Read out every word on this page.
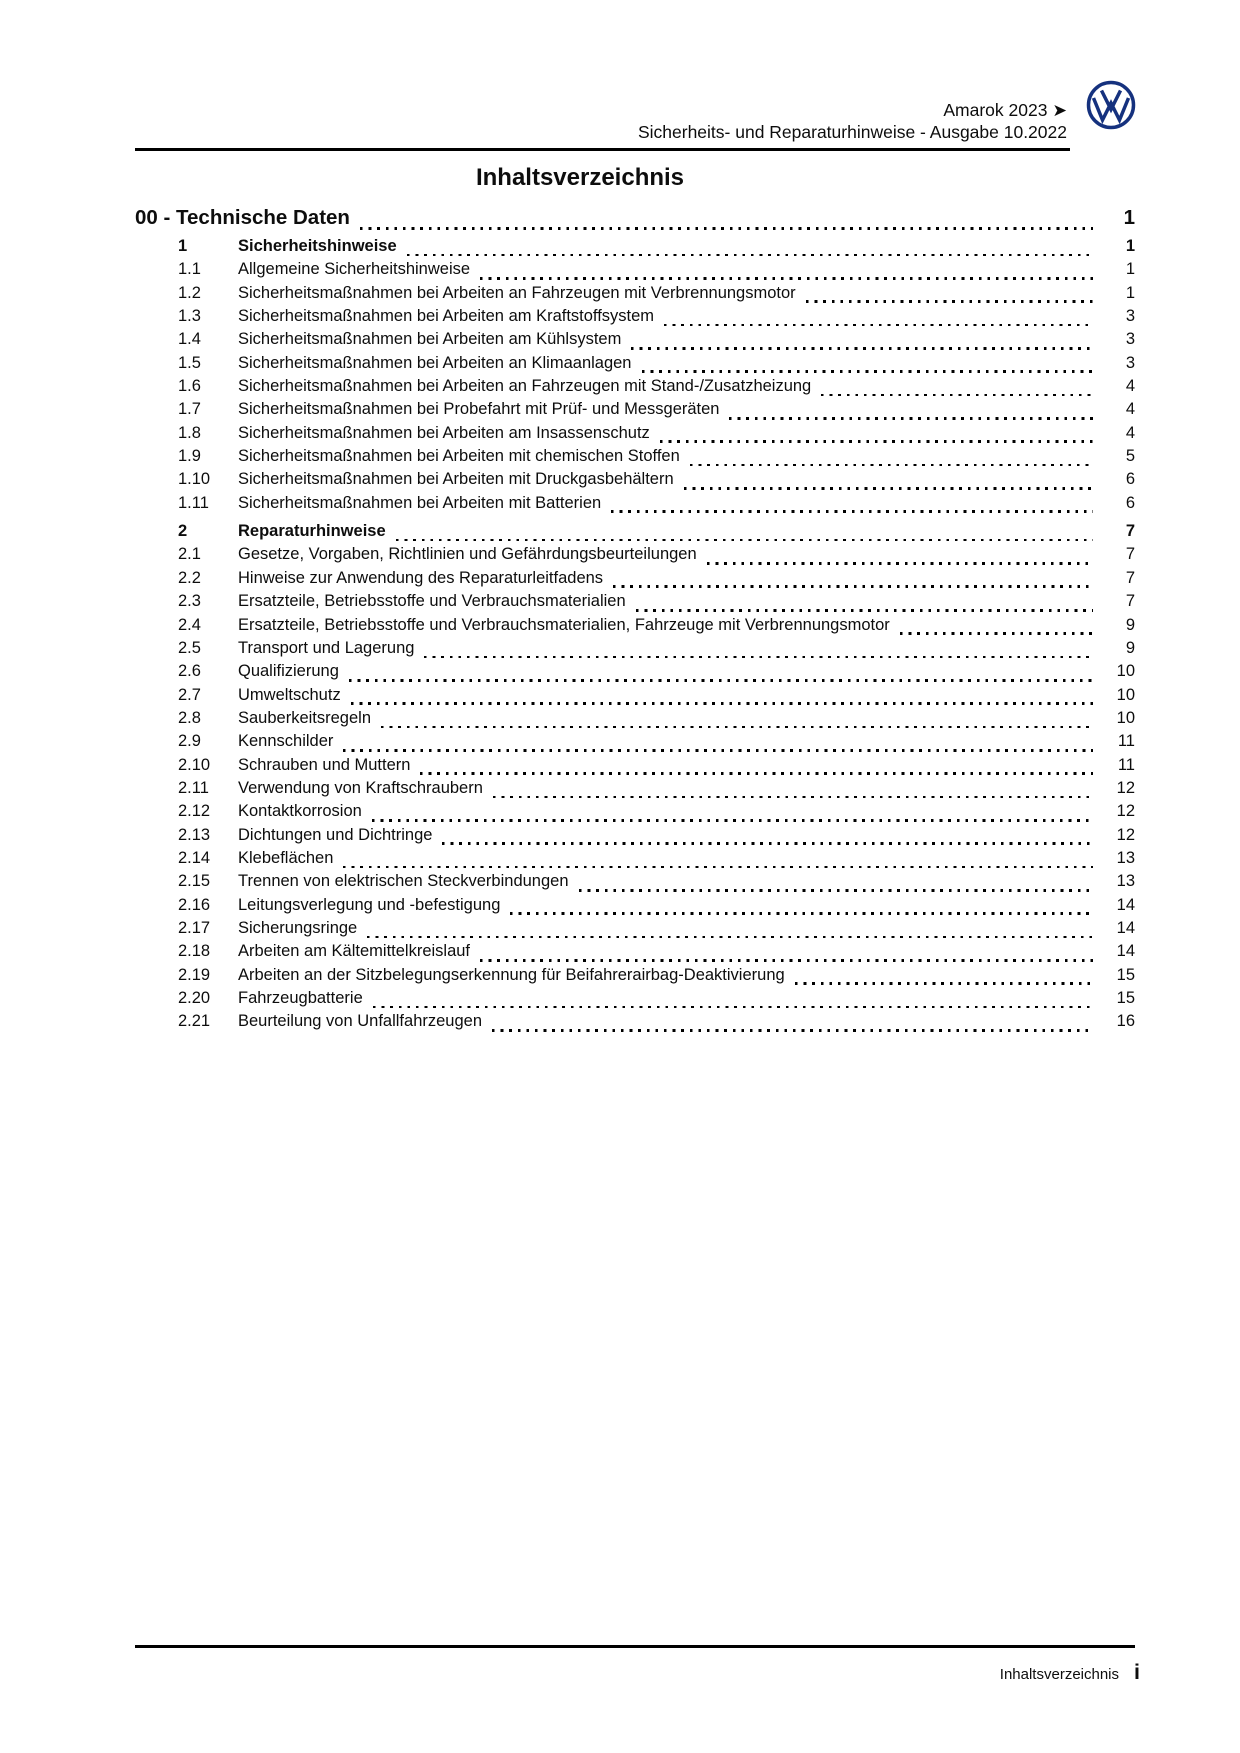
Amarok 2023 ➤
Sicherheits- und Reparaturhinweise - Ausgabe 10.2022
Inhaltsverzeichnis
00 - Technische Daten	1
1	Sicherheitshinweise	1
1.1	Allgemeine Sicherheitshinweise	1
1.2	Sicherheitsmaßnahmen bei Arbeiten an Fahrzeugen mit Verbrennungsmotor	1
1.3	Sicherheitsmaßnahmen bei Arbeiten am Kraftstoffsystem	3
1.4	Sicherheitsmaßnahmen bei Arbeiten am Kühlsystem	3
1.5	Sicherheitsmaßnahmen bei Arbeiten an Klimaanlagen	3
1.6	Sicherheitsmaßnahmen bei Arbeiten an Fahrzeugen mit Stand-/Zusatzheizung	4
1.7	Sicherheitsmaßnahmen bei Probefahrt mit Prüf- und Messgeräten	4
1.8	Sicherheitsmaßnahmen bei Arbeiten am Insassenschutz	4
1.9	Sicherheitsmaßnahmen bei Arbeiten mit chemischen Stoffen	5
1.10	Sicherheitsmaßnahmen bei Arbeiten mit Druckgasbehältern	6
1.11	Sicherheitsmaßnahmen bei Arbeiten mit Batterien	6
2	Reparaturhinweise	7
2.1	Gesetze, Vorgaben, Richtlinien und Gefährdungsbeurteilungen	7
2.2	Hinweise zur Anwendung des Reparaturleitfadens	7
2.3	Ersatzteile, Betriebsstoffe und Verbrauchsmaterialien	7
2.4	Ersatzteile, Betriebsstoffe und Verbrauchsmaterialien, Fahrzeuge mit Verbrennungsmotor	9
2.5	Transport und Lagerung	9
2.6	Qualifizierung	10
2.7	Umweltschutz	10
2.8	Sauberkeitsregeln	10
2.9	Kennschilder	11
2.10	Schrauben und Muttern	11
2.11	Verwendung von Kraftschraubern	12
2.12	Kontaktkorrosion	12
2.13	Dichtungen und Dichtringe	12
2.14	Klebeflächen	13
2.15	Trennen von elektrischen Steckverbindungen	13
2.16	Leitungsverlegung und -befestigung	14
2.17	Sicherungsringe	14
2.18	Arbeiten am Kältemittelkreislauf	14
2.19	Arbeiten an der Sitzbelegungserkennung für Beifahrerairbag-Deaktivierung	15
2.20	Fahrzeugbatterie	15
2.21	Beurteilung von Unfallfahrzeugen	16
Inhaltsverzeichnis i
